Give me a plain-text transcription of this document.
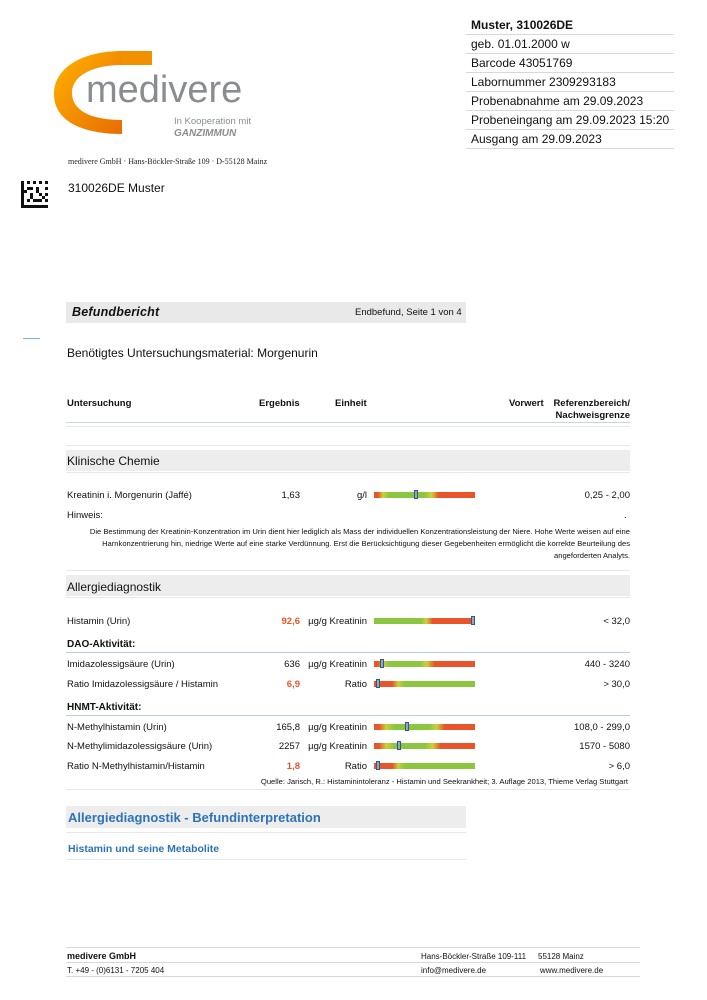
Muster, 310026DE
geb. 01.01.2000 w
Barcode 43051769
Labornummer 2309293183
Probenabnahme am 29.09.2023
Probeneingang am 29.09.2023 15:20
Ausgang am 29.09.2023
medivere
In Kooperation mit
GANZIMMUN
medivere GmbH · Hans-Böckler-Straße 109 · D-55128 Mainz
310026DE Muster
Befundbericht	Endbefund, Seite 1 von 4
Benötigtes Untersuchungsmaterial: Morgenurin
Untersuchung	Ergebnis	Einheit	Vorwert	Referenzbereich/
Nachweisgrenze
Klinische Chemie
Kreatinin i. Morgenurin (Jaffé)	1,63	g/l	0,25 - 2,00
Hinweis:	.
Die Bestimmung der Kreatinin-Konzentration im Urin dient hier lediglich als Mass der individuellen Konzentrationsleistung der Niere. Hohe Werte weisen auf eine Harnkonzentrierung hin, niedrige Werte auf eine starke Verdünnung. Erst die Berücksichtigung dieser Gegebenheiten ermöglicht die korrekte Beurteilung des angeforderten Analyts.
Allergiediagnostik
Histamin (Urin)	92,6 µg/g Kreatinin	< 32,0
DAO-Aktivität:
Imidazolessigsäure (Urin)	636 µg/g Kreatinin	440 - 3240
Ratio Imidazolessigsäure / Histamin	6,9	Ratio	> 30,0
HNMT-Aktivität:
N-Methylhistamin (Urin)	165,8 µg/g Kreatinin	108,0 - 299,0
N-Methylimidazolessigsäure (Urin)	2257 µg/g Kreatinin	1570 - 5080
Ratio N-Methylhistamin/Histamin	1,8	Ratio	> 6,0
Quelle: Jarisch, R.: Histaminintoleranz - Histamin und Seekrankheit; 3. Auflage 2013, Thieme Verlag Stuttgart
Allergiediagnostik - Befundinterpretation
Histamin und seine Metabolite
medivere GmbH	Hans-Böckler-Straße 109-111 55128 Mainz
T. +49 - (0)6131 - 7205 404	info@medivere.de	www.medivere.de
